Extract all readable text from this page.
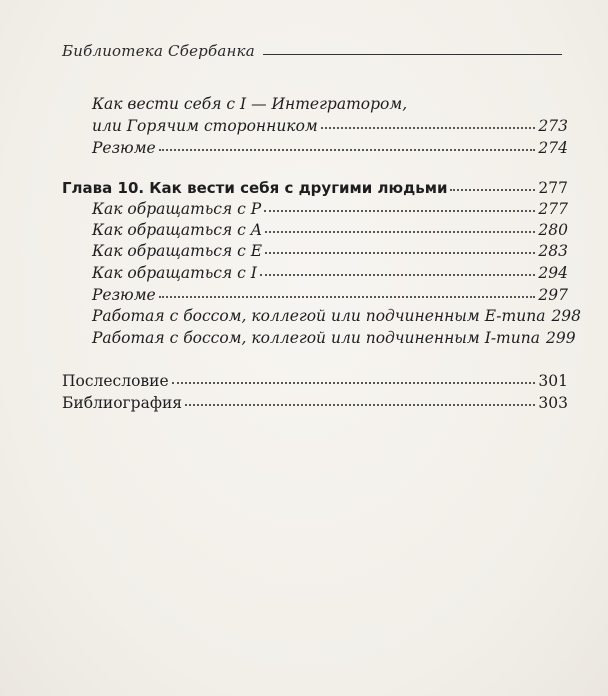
Библиотека Сбербанка
Как вести себя с I — Интегратором,
или Горячим сторонником	273
Резюме	274
Глава 10. Как вести себя с другими людьми	277
Как обращаться с P	277
Как обращаться с A	280
Как обращаться с E	283
Как обращаться с I	294
Резюме	297
Работая с боссом, коллегой или подчиненным E-типа 298
Работая с боссом, коллегой или подчиненным I-типа 299
Послесловие	301
Библиография	303
